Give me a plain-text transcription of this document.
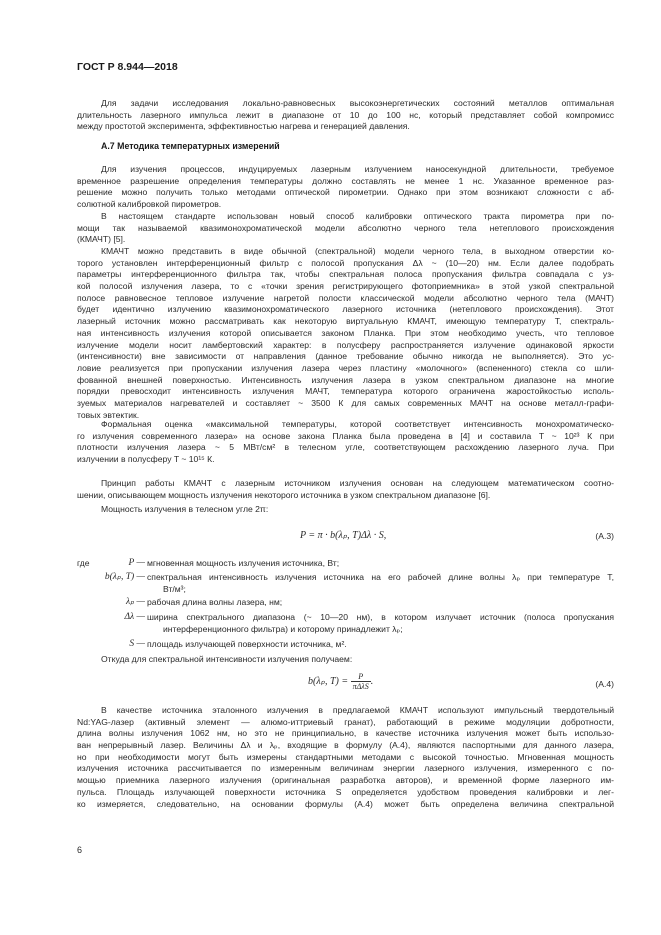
ГОСТ Р 8.944—2018
Для задачи исследования локально-равновесных высокоэнергетических состояний металлов оптимальная
длительность лазерного импульса лежит в диапазоне от 10 до 100 нс, который представляет собой компромисс
между простотой эксперимента, эффективностью нагрева и генерацией давления.
А.7 Методика температурных измерений
Для изучения процессов, индуцируемых лазерным излучением наносекундной длительности, требуемое
временное разрешение определения температуры должно составлять не менее 1 нс. Указанное временное раз-
решение можно получить только методами оптической пирометрии. Однако при этом возникают сложности с аб-
солютной калибровкой пирометров.
В настоящем стандарте использован новый способ калибровки оптического тракта пирометра при по-
мощи так называемой квазимонохроматической модели абсолютно черного тела нетеплового происхождения
(КМАЧТ) [5].
КМАЧТ можно представить в виде обычной (спектральной) модели черного тела, в выходном отверстии ко-
торого установлен интерференционный фильтр с полосой пропускания Δλ ~ (10—20) нм. Если далее подобрать
параметры интерференционного фильтра так, чтобы спектральная полоса пропускания фильтра совпадала с уз-
кой полосой излучения лазера, то с «точки зрения регистрирующего фотоприемника» в этой узкой спектральной
полосе равновесное тепловое излучение нагретой полости классической модели абсолютно черного тела (МАЧТ)
будет идентично излучению квазимонохроматического лазерного источника (нетеплового происхождения). Этот
лазерный источник можно рассматривать как некоторую виртуальную КМАЧТ, имеющую температуру T, спектраль-
ная интенсивность излучения которой описывается законом Планка. При этом необходимо учесть, что тепловое
излучение модели носит ламбертовский характер: в полусферу распространяется излучение одинаковой яркости
(интенсивности) вне зависимости от направления (данное требование обычно никогда не выполняется). Это ус-
ловие реализуется при пропускании излучения лазера через пластину «молочного» (вспененного) стекла со шли-
фованной внешней поверхностью. Интенсивность излучения лазера в узком спектральном диапазоне на многие
порядки превосходит интенсивность излучения МАЧТ, температура которого ограничена жаростойкостью исполь-
зуемых материалов нагревателей и составляет ~ 3500 К для самых современных МАЧТ на основе металл-графи-
товых эвтектик.
Формальная оценка «максимальной температуры, которой соответствует интенсивность монохроматическо-
го излучения современного лазера» на основе закона Планка была проведена в [4] и составила T ~ 10²³ К при
плотности излучения лазера ~ 5 МВт/см² в телесном угле, соответствующем расхождению лазерного луча. При
излучении в полусферу T ~ 10¹⁵ К.
Принцип работы КМАЧТ с лазерным источником излучения основан на следующем математическом соотно-
шении, описывающем мощность излучения некоторого источника в узком спектральном диапазоне [6].
Мощность излучения в телесном угле 2π:
P = π · b(λₚ, T)Δλ · S,	(А.3)
где	P — мгновенная мощность излучения источника, Вт;
b(λₚ, T) — спектральная интенсивность излучения источника на его рабочей длине волны λₚ при температуре T,
Вт/м³;
λₚ — рабочая длина волны лазера, нм;
Δλ — ширина спектрального диапазона (~ 10—20 нм), в котором излучает источник (полоса пропускания
интерференционного фильтра) и которому принадлежит λₚ;
S — площадь излучающей поверхности источника, м².
Откуда для спектральной интенсивности излучения получаем:
b(λₚ, $T) = \frac{P}{\text{πΔλS}}$ .	(А.4)
В качестве источника эталонного излучения в предлагаемой КМАЧТ используют импульсный твердотельный
Nd:YAG-лазер (активный элемент — алюмо-иттриевый гранат), работающий в режиме модуляции добротности,
длина волны излучения 1062 нм, но это не принципиально, в качестве источника излучения может быть использо-
ван непрерывный лазер. Величины Δλ и λₚ, входящие в формулу (А.4), являются паспортными для данного лазера,
но при необходимости могут быть измерены стандартными методами с высокой точностью. Мгновенная мощность
излучения источника рассчитывается по измеренным величинам энергии лазерного излучения, измеренного с по-
мощью приемника лазерного излучения (оригинальная разработка авторов), и временной форме лазерного им-
пульса. Площадь излучающей поверхности источника S определяется удобством проведения калибровки и лег-
ко измеряется, следовательно, на основании формулы (А.4) может быть определена величина спектральной
6
